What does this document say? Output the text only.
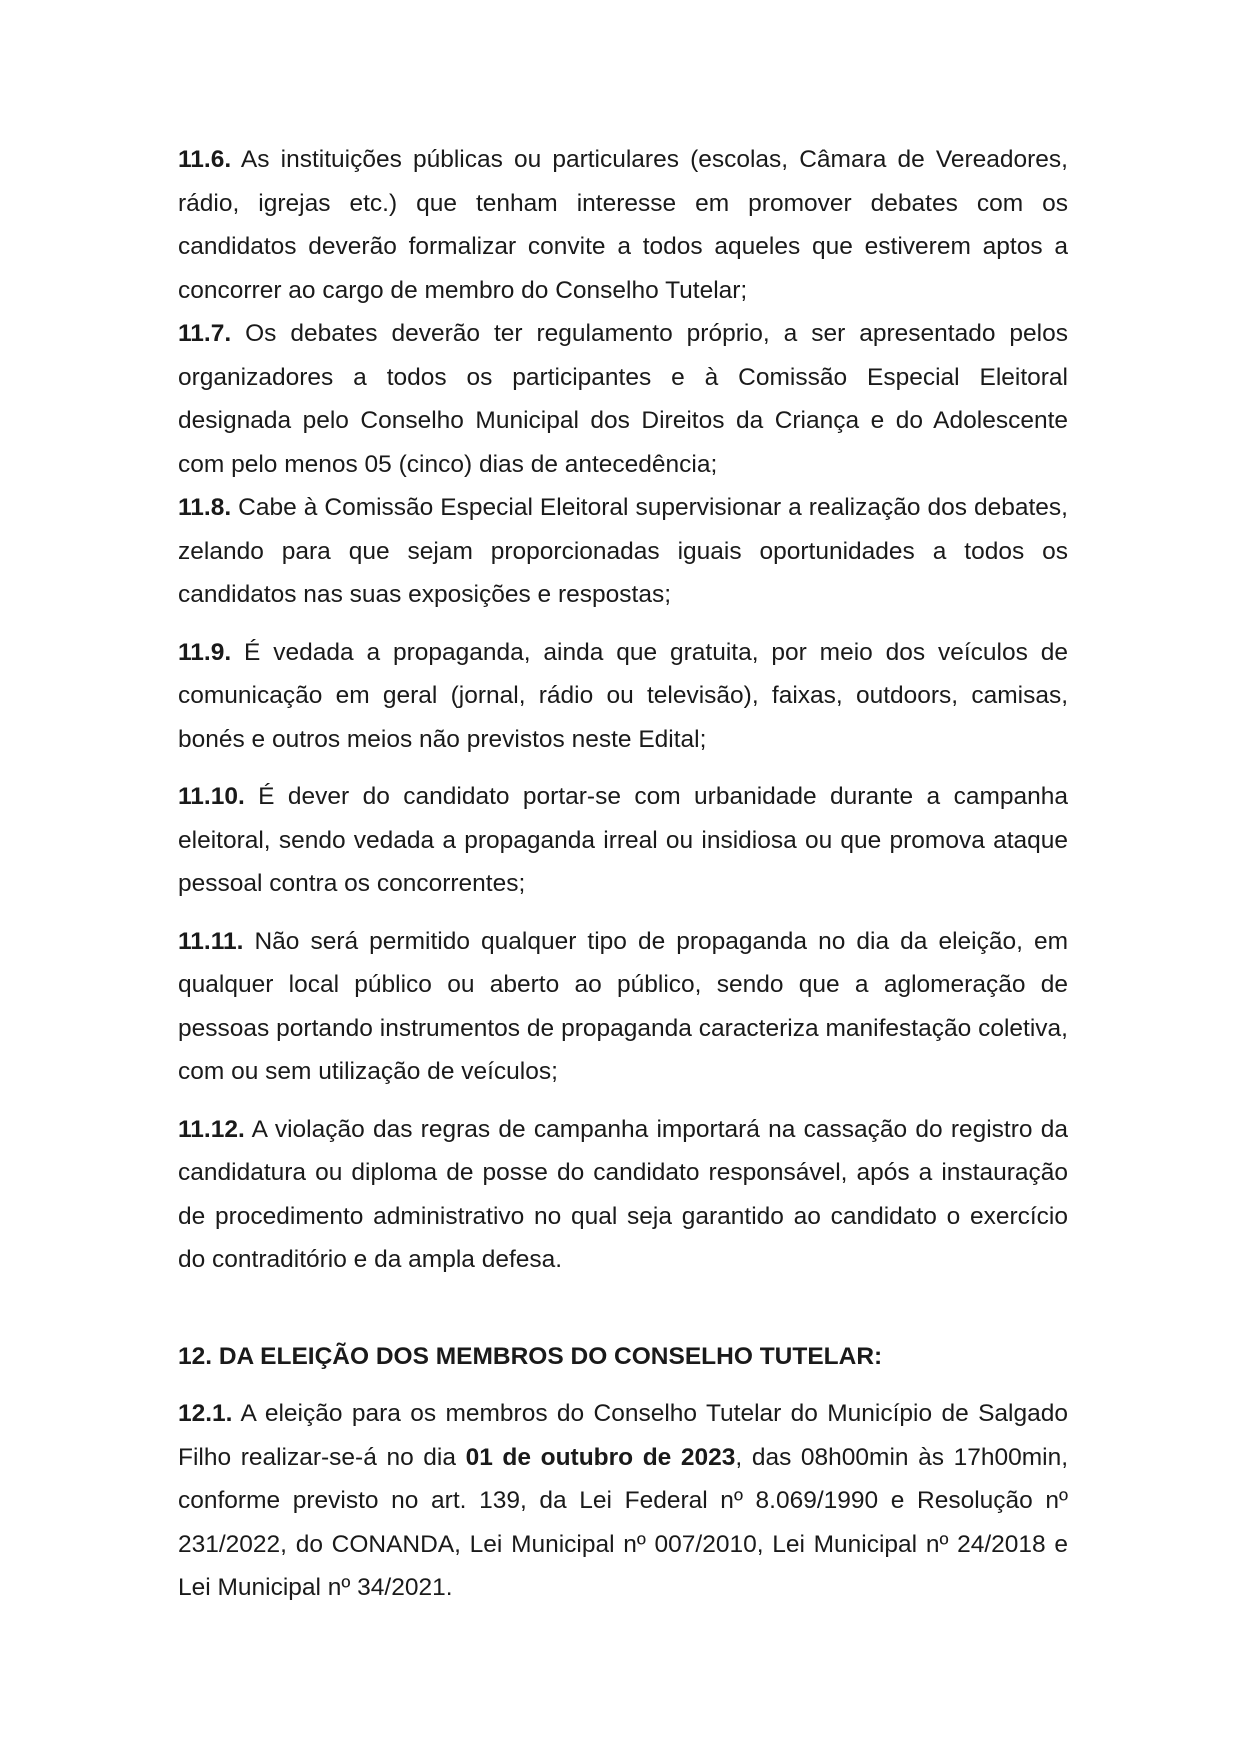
11.6. As instituições públicas ou particulares (escolas, Câmara de Vereadores, rádio, igrejas etc.) que tenham interesse em promover debates com os candidatos deverão formalizar convite a todos aqueles que estiverem aptos a concorrer ao cargo de membro do Conselho Tutelar;

11.7. Os debates deverão ter regulamento próprio, a ser apresentado pelos organizadores a todos os participantes e à Comissão Especial Eleitoral designada pelo Conselho Municipal dos Direitos da Criança e do Adolescente com pelo menos 05 (cinco) dias de antecedência;

11.8. Cabe à Comissão Especial Eleitoral supervisionar a realização dos debates, zelando para que sejam proporcionadas iguais oportunidades a todos os candidatos nas suas exposições e respostas;

11.9. É vedada a propaganda, ainda que gratuita, por meio dos veículos de comunicação em geral (jornal, rádio ou televisão), faixas, outdoors, camisas, bonés e outros meios não previstos neste Edital;

11.10. É dever do candidato portar-se com urbanidade durante a campanha eleitoral, sendo vedada a propaganda irreal ou insidiosa ou que promova ataque pessoal contra os concorrentes;

11.11. Não será permitido qualquer tipo de propaganda no dia da eleição, em qualquer local público ou aberto ao público, sendo que a aglomeração de pessoas portando instrumentos de propaganda caracteriza manifestação coletiva, com ou sem utilização de veículos;

11.12. A violação das regras de campanha importará na cassação do registro da candidatura ou diploma de posse do candidato responsável, após a instauração de procedimento administrativo no qual seja garantido ao candidato o exercício do contraditório e da ampla defesa.

12. DA ELEIÇÃO DOS MEMBROS DO CONSELHO TUTELAR:

12.1. A eleição para os membros do Conselho Tutelar do Município de Salgado Filho realizar-se-á no dia 01 de outubro de 2023, das 08h00min às 17h00min, conforme previsto no art. 139, da Lei Federal nº 8.069/1990 e Resolução nº 231/2022, do CONANDA, Lei Municipal nº 007/2010, Lei Municipal nº 24/2018 e Lei Municipal nº 34/2021.
